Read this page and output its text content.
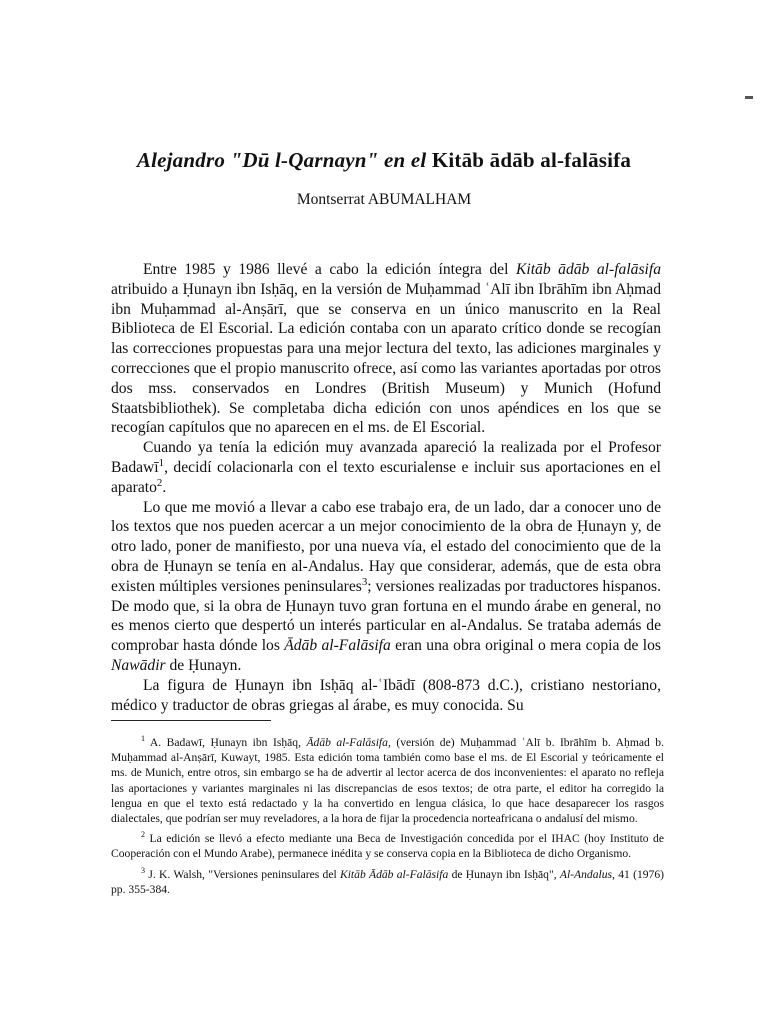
Alejandro "Dū l-Qarnayn" en el Kitāb ādāb al-falāsifa
Montserrat ABUMALHAM

Entre 1985 y 1986 llevé a cabo la edición íntegra del Kitāb ādāb al-falāsifa atribuido a Ḥunayn ibn Isḥāq, en la versión de Muḥammad ʿAlī ibn Ibrāhīm ibn Aḥmad ibn Muḥammad al-Anṣārī, que se conserva en un único manuscrito en la Real Biblioteca de El Escorial. La edición contaba con un aparato crítico donde se recogían las correcciones propuestas para una mejor lectura del texto, las adiciones marginales y correcciones que el propio manuscrito ofrece, así como las variantes aportadas por otros dos mss. conservados en Londres (British Museum) y Munich (Hofund Staatsbibliothek). Se completaba dicha edición con unos apéndices en los que se recogían capítulos que no aparecen en el ms. de El Escorial.

Cuando ya tenía la edición muy avanzada apareció la realizada por el Profesor Badawī$^1$, decidí colacionarla con el texto escurialense e incluir sus aportaciones en el aparato$^2$.

Lo que me movió a llevar a cabo ese trabajo era, de un lado, dar a conocer uno de los textos que nos pueden acercar a un mejor conocimiento de la obra de Ḥunayn y, de otro lado, poner de manifiesto, por una nueva vía, el estado del conocimiento que de la obra de Ḥunayn se tenía en al-Andalus. Hay que considerar, además, que de esta obra existen múltiples versiones peninsulares$^3$; versiones realizadas por traductores hispanos. De modo que, si la obra de Ḥunayn tuvo gran fortuna en el mundo árabe en general, no es menos cierto que despertó un interés particular en al-Andalus. Se trataba además de comprobar hasta dónde los Ādāb al-Falāsifa eran una obra original o mera copia de los Nawādir de Ḥunayn.

La figura de Ḥunayn ibn Isḥāq al-ʿIbādī (808-873 d.C.), cristiano nestoriano, médico y traductor de obras griegas al árabe, es muy conocida. Su

$^1$ A. Badawī, Ḥunayn ibn Isḥāq, Ādāb al-Falāsifa, (versión de) Muḥammad ʿAlī b. Ibrāhīm b. Aḥmad b. Muḥammad al-Anṣārī, Kuwayt, 1985. Esta edición toma también como base el ms. de El Escorial y teóricamente el ms. de Munich, entre otros, sin embargo se ha de advertir al lector acerca de dos inconvenientes: el aparato no refleja las aportaciones y variantes marginales ni las discrepancias de esos textos; de otra parte, el editor ha corregido la lengua en que el texto está redactado y la ha convertido en lengua clásica, lo que hace desaparecer los rasgos dialectales, que podrían ser muy reveladores, a la hora de fijar la procedencia norteafricana o andalusí del mismo.

$^2$ La edición se llevó a efecto mediante una Beca de Investigación concedida por el IHAC (hoy Instituto de Cooperación con el Mundo Arabe), permanece inédita y se conserva copia en la Biblioteca de dicho Organismo.

$^3$ J. K. Walsh, "Versiones peninsulares del Kitāb Ādāb al-Falāsifa de Ḥunayn ibn Isḥāq", Al-Andalus, 41 (1976) pp. 355-384.
